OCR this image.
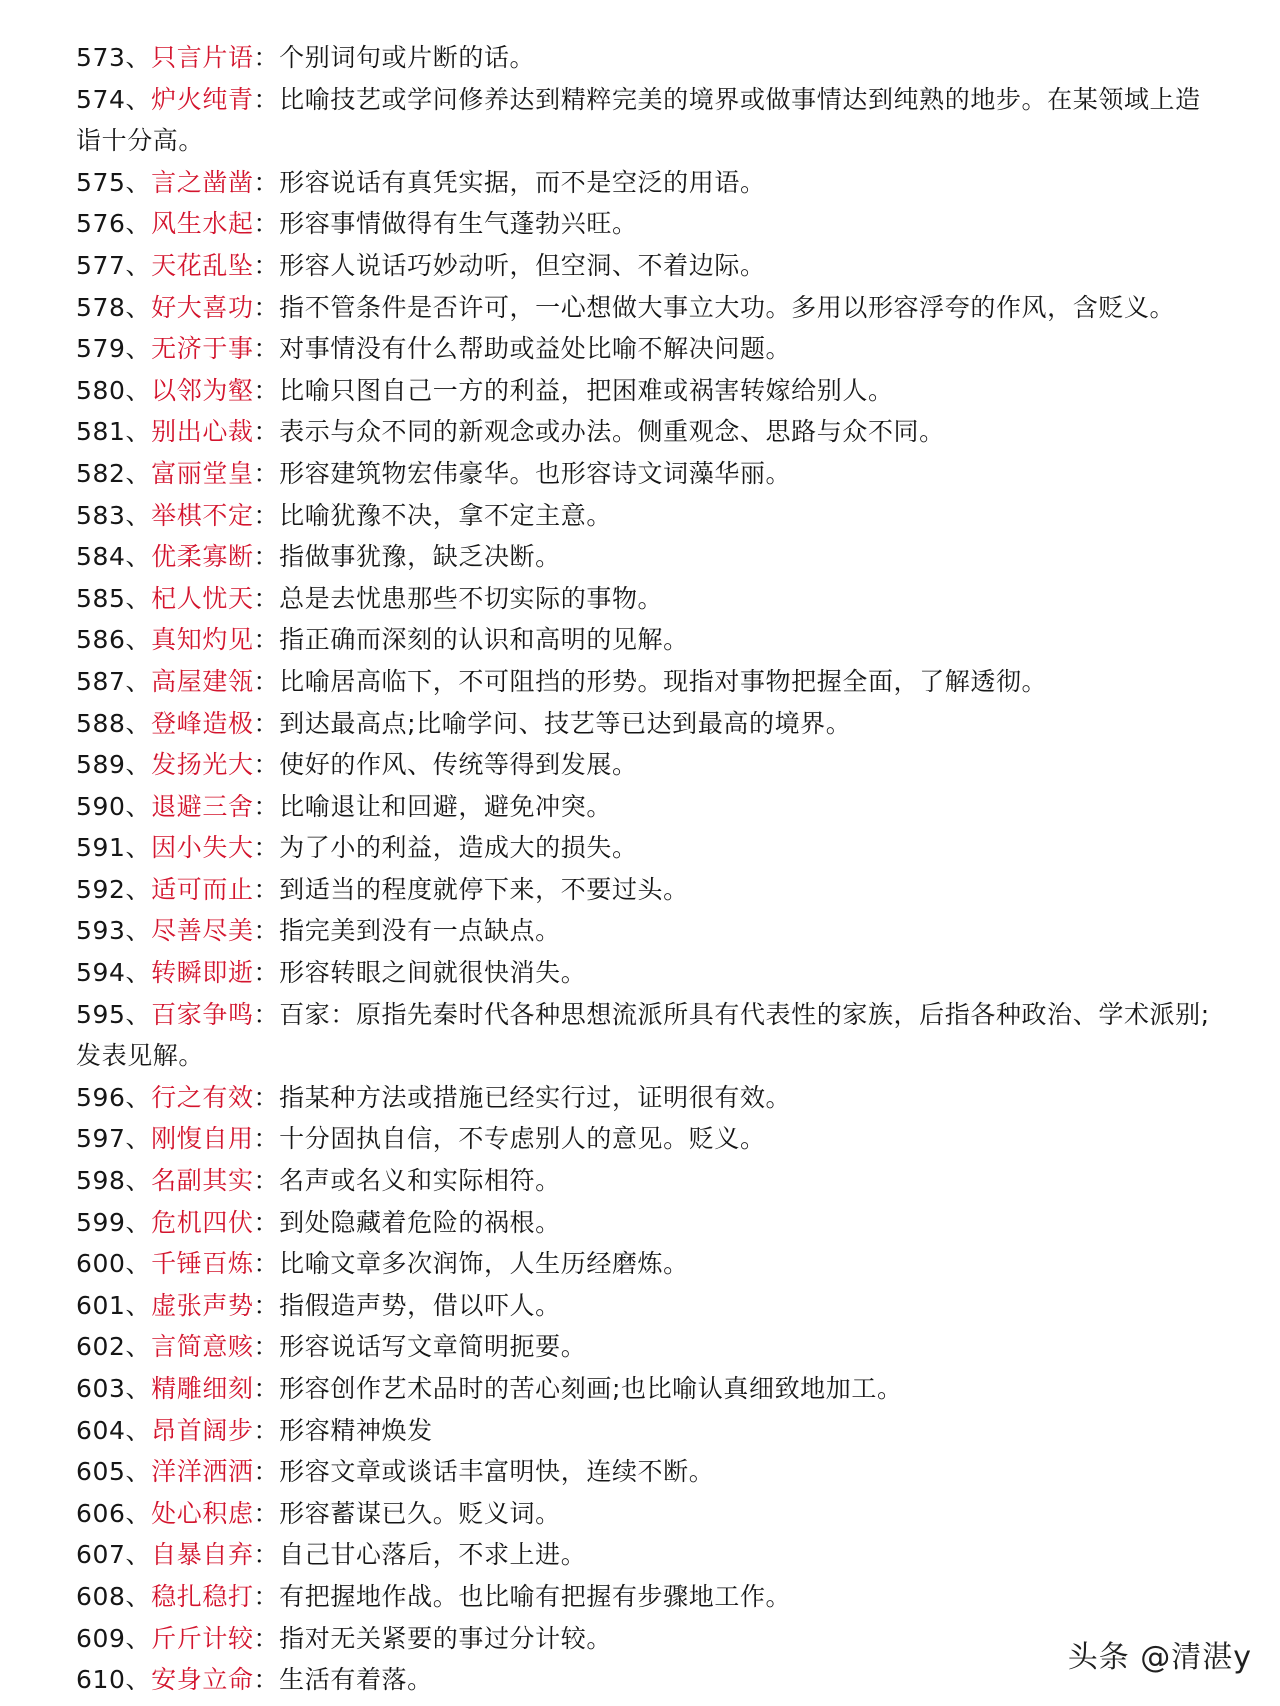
573、只言片语：个别词句或片断的话。
574、炉火纯青：比喻技艺或学问修养达到精粹完美的境界或做事情达到纯熟的地步。在某领域上造诣十分高。
575、言之凿凿：形容说话有真凭实据，而不是空泛的用语。
576、风生水起：形容事情做得有生气蓬勃兴旺。
577、天花乱坠：形容人说话巧妙动听，但空洞、不着边际。
578、好大喜功：指不管条件是否许可，一心想做大事立大功。多用以形容浮夸的作风，含贬义。
579、无济于事：对事情没有什么帮助或益处比喻不解决问题。
580、以邻为壑：比喻只图自己一方的利益，把困难或祸害转嫁给别人。
581、别出心裁：表示与众不同的新观念或办法。侧重观念、思路与众不同。
582、富丽堂皇：形容建筑物宏伟豪华。也形容诗文词藻华丽。
583、举棋不定：比喻犹豫不决，拿不定主意。
584、优柔寡断：指做事犹豫，缺乏决断。
585、杞人忧天：总是去忧患那些不切实际的事物。
586、真知灼见：指正确而深刻的认识和高明的见解。
587、高屋建瓴：比喻居高临下，不可阻挡的形势。现指对事物把握全面，了解透彻。
588、登峰造极：到达最高点;比喻学问、技艺等已达到最高的境界。
589、发扬光大：使好的作风、传统等得到发展。
590、退避三舍：比喻退让和回避，避免冲突。
591、因小失大：为了小的利益，造成大的损失。
592、适可而止：到适当的程度就停下来，不要过头。
593、尽善尽美：指完美到没有一点缺点。
594、转瞬即逝：形容转眼之间就很快消失。
595、百家争鸣：百家：原指先秦时代各种思想流派所具有代表性的家族，后指各种政治、学术派别;发表见解。
596、行之有效：指某种方法或措施已经实行过，证明很有效。
597、刚愎自用：十分固执自信，不专虑别人的意见。贬义。
598、名副其实：名声或名义和实际相符。
599、危机四伏：到处隐藏着危险的祸根。
600、千锤百炼：比喻文章多次润饰，人生历经磨炼。
601、虚张声势：指假造声势，借以吓人。
602、言简意赅：形容说话写文章简明扼要。
603、精雕细刻：形容创作艺术品时的苦心刻画;也比喻认真细致地加工。
604、昂首阔步：形容精神焕发
605、洋洋洒洒：形容文章或谈话丰富明快，连续不断。
606、处心积虑：形容蓄谋已久。贬义词。
607、自暴自弃：自己甘心落后，不求上进。
608、稳扎稳打：有把握地作战。也比喻有把握有步骤地工作。
609、斤斤计较：指对无关紧要的事过分计较。
610、安身立命：生活有着落。
头条 @清湛y
